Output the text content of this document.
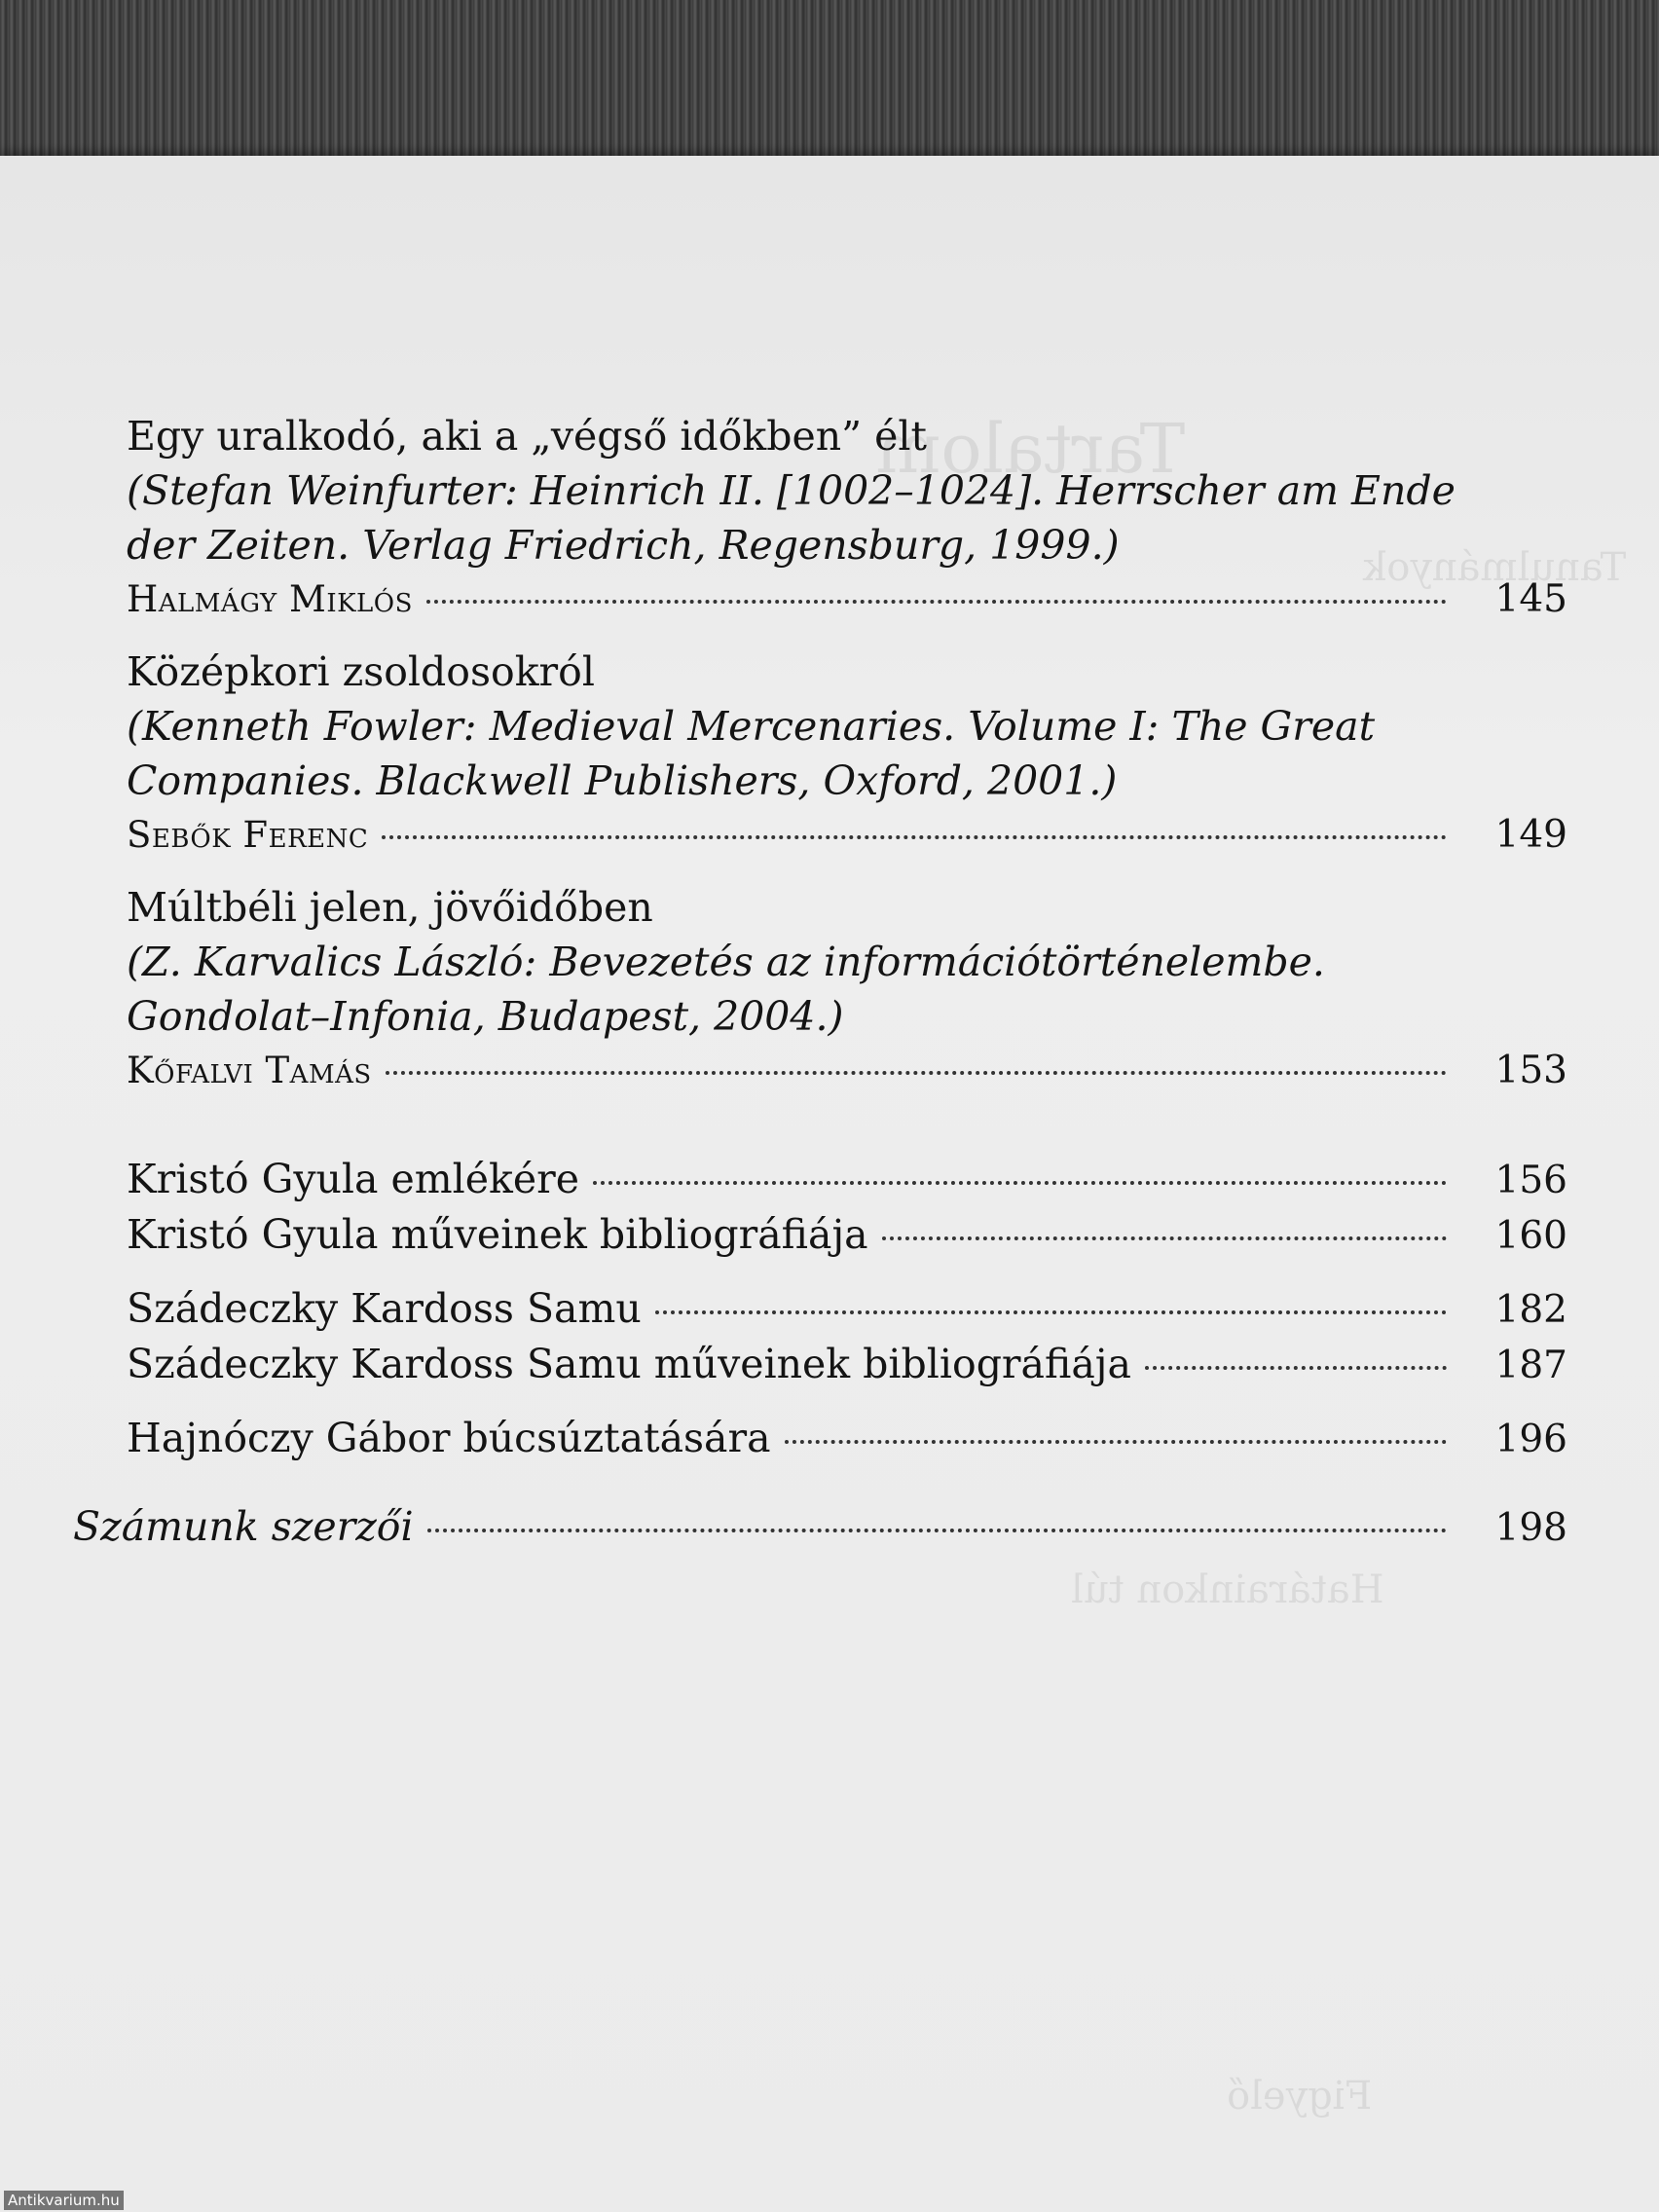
Tartalom
Tanulmányok
Határainkon túl
Figyelő
Egy uralkodó, aki a „végső időkben” élt
(Stefan Weinfurter: Heinrich II. [1002–1024]. Herrscher am Ende der Zeiten. Verlag Friedrich, Regensburg, 1999.)
Halmágy Miklós	145
Középkori zsoldosokról
(Kenneth Fowler: Medieval Mercenaries. Volume I: The Great Companies. Blackwell Publishers, Oxford, 2001.)
Sebők Ferenc	149
Múltbéli jelen, jövőidőben
(Z. Karvalics László: Bevezetés az információtörténelembe. Gondolat–Infonia, Budapest, 2004.)
Kőfalvi Tamás	153
Kristó Gyula emlékére	156
Kristó Gyula műveinek bibliográfiája	160
Szádeczky Kardoss Samu	182
Szádeczky Kardoss Samu műveinek bibliográfiája	187
Hajnóczy Gábor búcsúztatására	196
Számunk szerzői	198
Antikvarium.hu
